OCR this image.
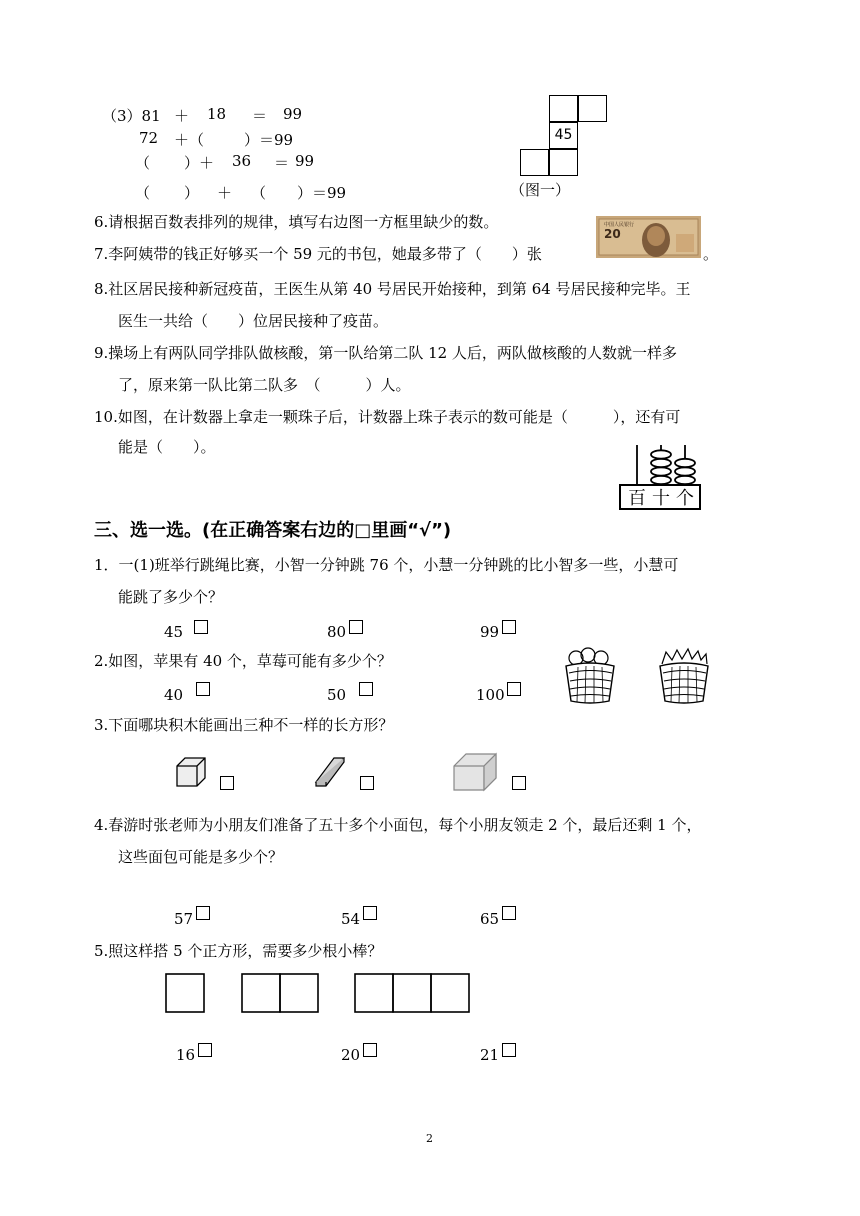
（3）81 ＋ 18 ＝ 99
72 ＋（	）＝99
（ ）＋ 36 ＝ 99
（ ） ＋ （ ）＝99
45
（图一）
6.请根据百数表排列的规律，填写右边图一方框里缺少的数。
7.李阿姨带的钱正好够买一个 59 元的书包，她最多带了（　　）张
20
中国人民银行
。
8.社区居民接种新冠疫苗，王医生从第 40 号居民开始接种，到第 64 号居民接种完毕。王
医生一共给（　　）位居民接种了疫苗。
9.操场上有两队同学排队做核酸，第一队给第二队 12 人后，两队做核酸的人数就一样多
了，原来第一队比第二队多　（　　　）人。
10.如图，在计数器上拿走一颗珠子后，计数器上珠子表示的数可能是（　　　），还有可
能是（　　）。
百 十 个
三、选一选。(在正确答案右边的□里画“√”)
1．一(1)班举行跳绳比赛，小智一分钟跳 76 个，小慧一分钟跳的比小智多一些，小慧可
能跳了多少个？
45	80	99
2.如图，苹果有 40 个，草莓可能有多少个？
40	50	100
3.下面哪块积木能画出三种不一样的长方形？
4.春游时张老师为小朋友们准备了五十多个小面包，每个小朋友领走 2 个，最后还剩 1 个，
这些面包可能是多少个？
57	54	65
5.照这样搭 5 个正方形，需要多少根小棒？
16	20	21
2
